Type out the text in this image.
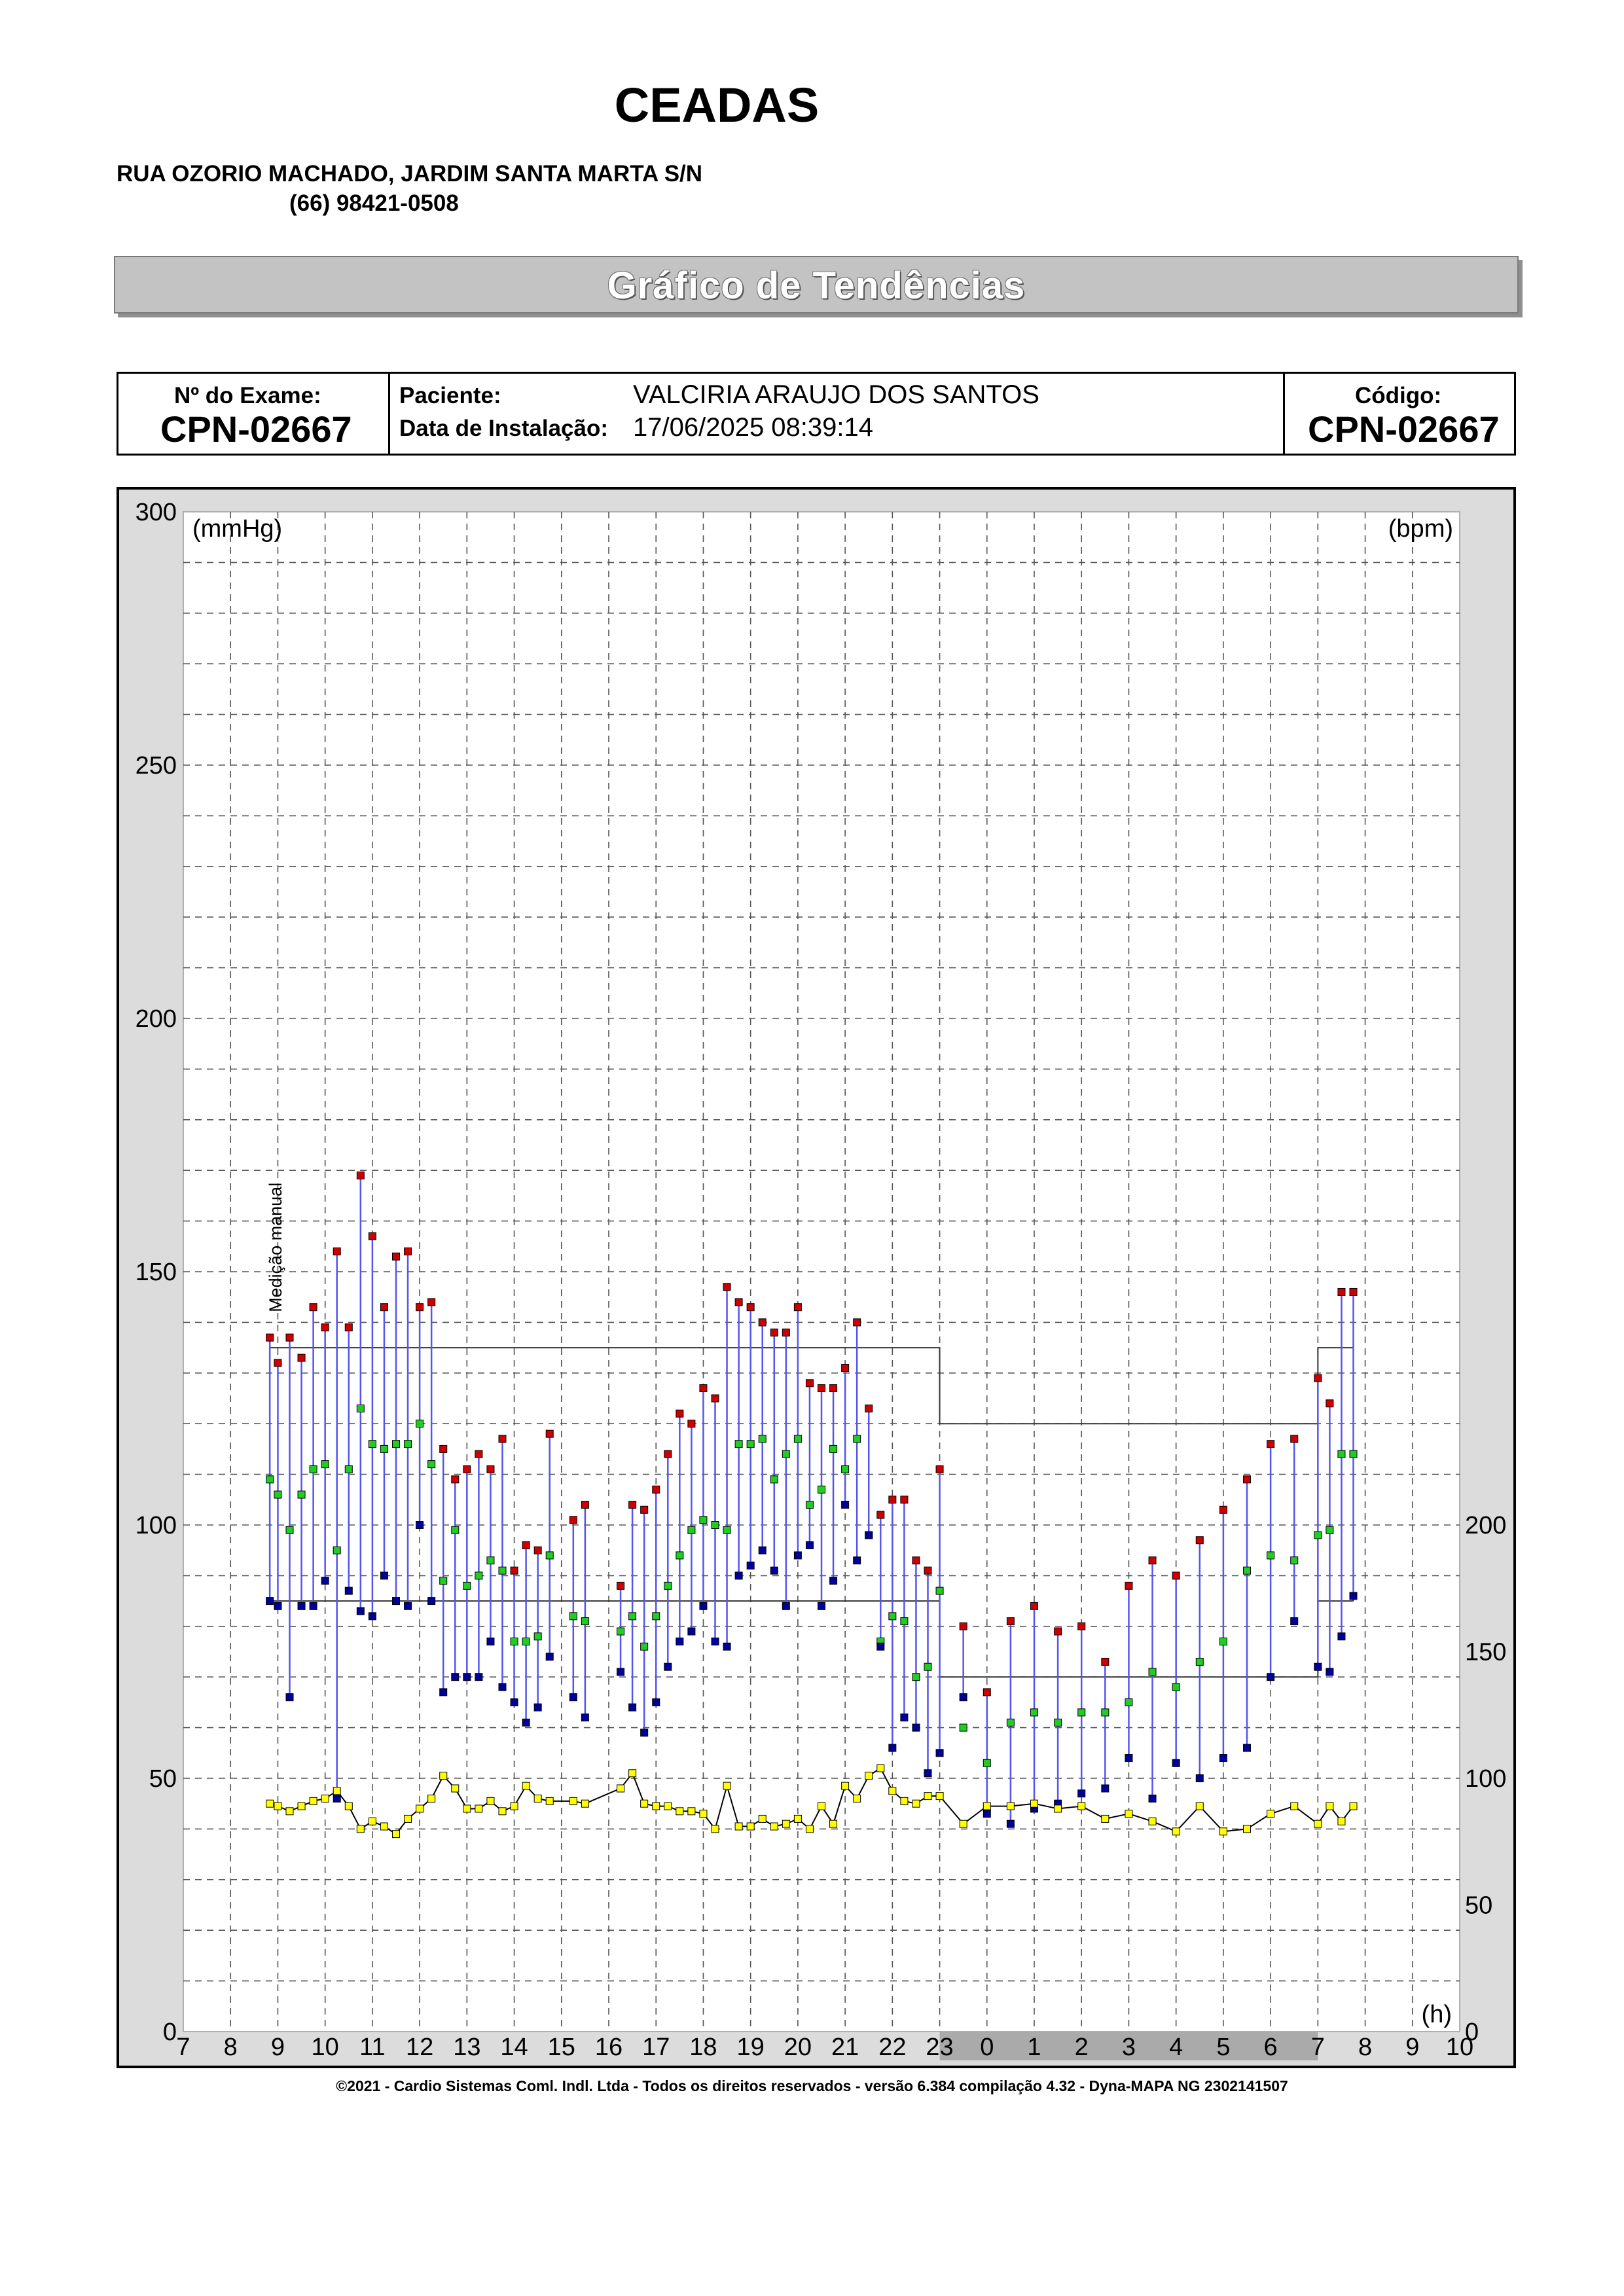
CEADAS
RUA OZORIO MACHADO, JARDIM SANTA MARTA S/N
(66) 98421-0508
Gráfico de Tendências
Nº do Exame:
CPN-02667
Paciente:	VALCIRIA ARAUJO DOS SANTOS
Data de Instalação: 17/06/2025 08:39:14
Código:
CPN-02667
300
250
200
150
100
50
0
200
150
100
50
0
7 8 9 10 11 12 13 14 15 16 17 18 19 20 21 22 23 0 1 2 3 4 5 6 7 8 9 10
(mmHg)	(bpm)
(h)
Medição manual
©2021 - Cardio Sistemas Coml. Indl. Ltda - Todos os direitos reservados - versão 6.384 compilação 4.32 - Dyna-MAPA NG 2302141507
